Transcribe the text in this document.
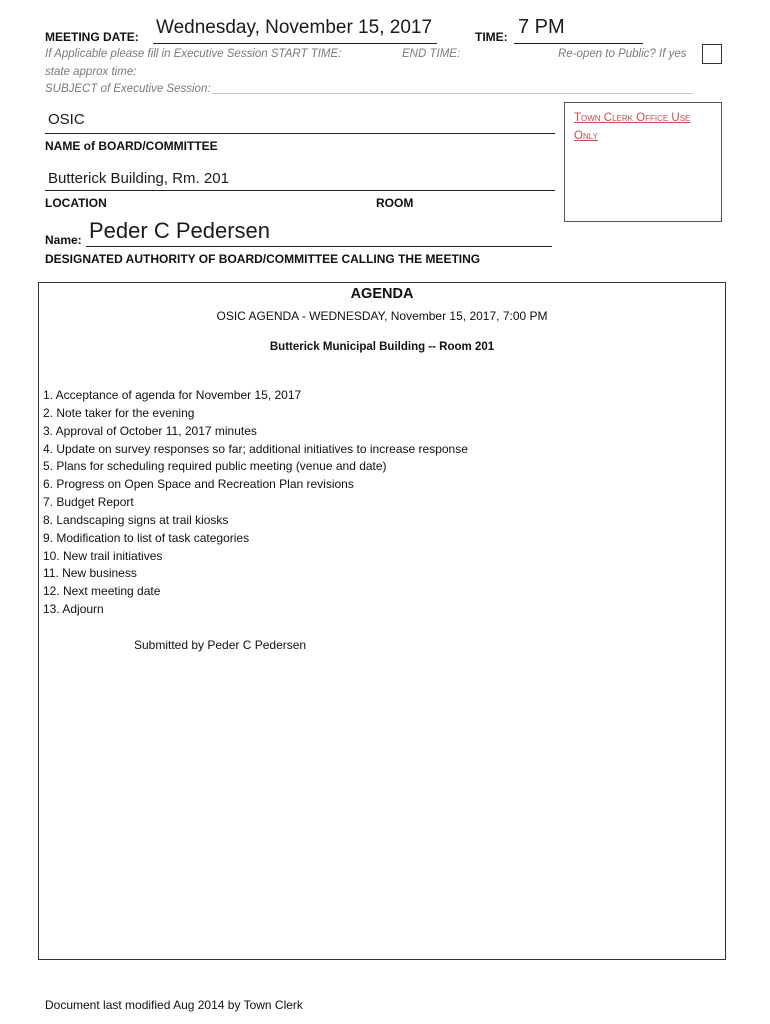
MEETING DATE: Wednesday, November 15, 2017	TIME: 7 PM
If Applicable please fill in Executive Session START TIME:	END TIME:	Re-open to Public? If yes
state approx time:
SUBJECT of Executive Session: ___________________________________________________________________________
OSIC
NAME of BOARD/COMMITTEE
Butterick Building, Rm. 201
LOCATION	ROOM
Town Clerk Office Use Only
Name: Peder C Pedersen
DESIGNATED AUTHORITY OF BOARD/COMMITTEE CALLING THE MEETING
AGENDA
OSIC AGENDA - WEDNESDAY, November 15, 2017, 7:00 PM
Butterick Municipal Building -- Room 201
1. Acceptance of agenda for November 15, 2017
2. Note taker for the evening
3. Approval of October 11, 2017 minutes
4. Update on survey responses so far; additional initiatives to increase response
5. Plans for scheduling required public meeting (venue and date)
6. Progress on Open Space and Recreation Plan revisions
7. Budget Report
8. Landscaping signs at trail kiosks
9. Modification to list of task categories
10. New trail initiatives
11. New business
12. Next meeting date
13. Adjourn
Submitted by Peder C Pedersen
Document last modified Aug 2014 by Town Clerk
